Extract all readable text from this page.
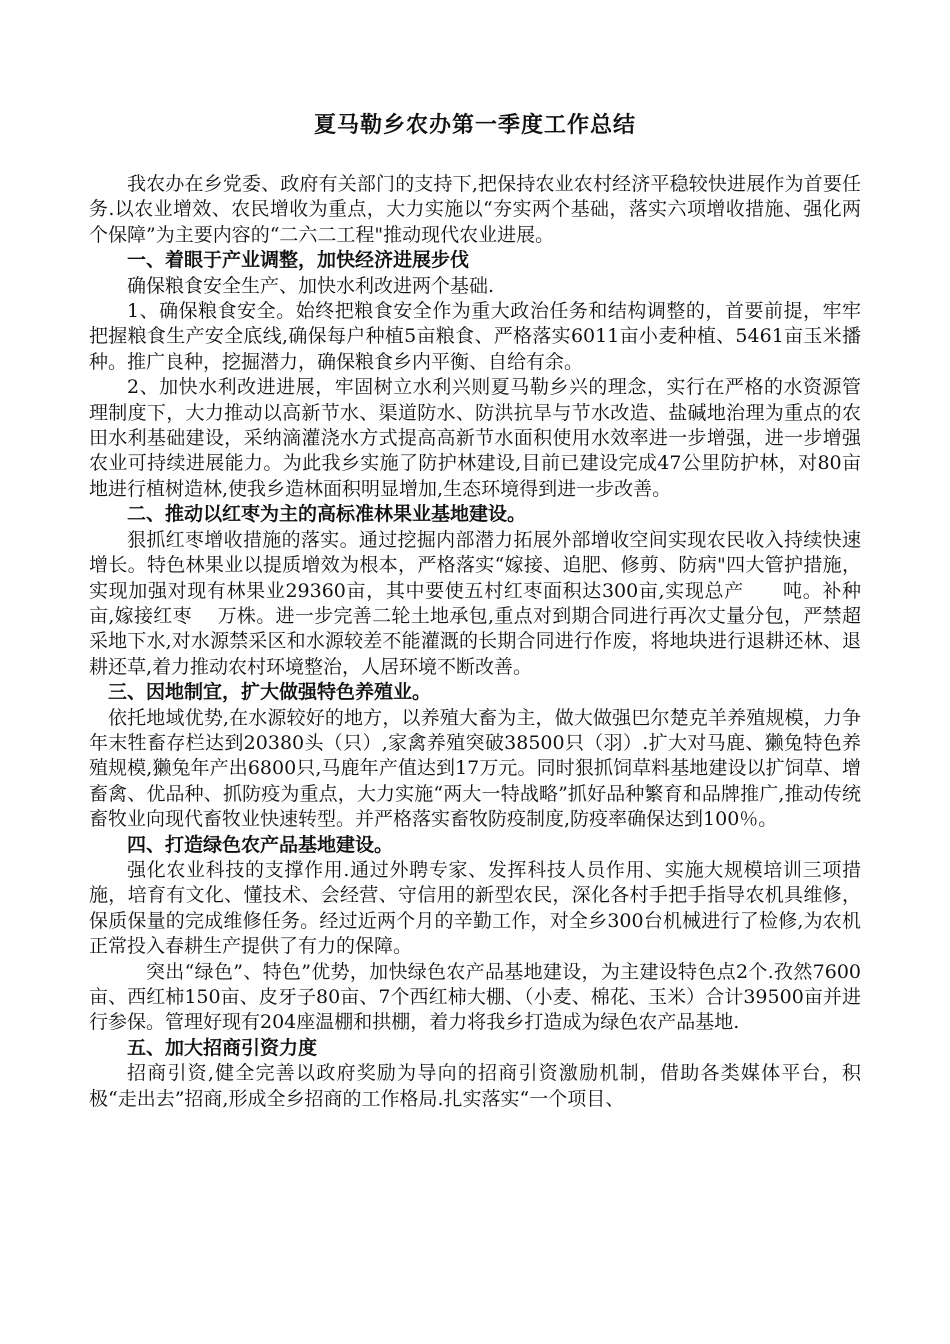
夏马勒乡农办第一季度工作总结

我农办在乡党委、政府有关部门的支持下,把保持农业农村经济平稳较快进展作为首要任务.以农业增效、农民增收为重点，大力实施以“夯实两个基础，落实六项增收措施、强化两个保障”为主要内容的“二六二工程"推动现代农业进展。

一、着眼于产业调整，加快经济进展步伐

确保粮食安全生产、加快水利改进两个基础.

1、确保粮食安全。始终把粮食安全作为重大政治任务和结构调整的，首要前提，牢牢把握粮食生产安全底线,确保每户种植5亩粮食、严格落实6011亩小麦种植、5461亩玉米播种。推广良种，挖掘潜力，确保粮食乡内平衡、自给有余。

2、加快水利改进进展，牢固树立水利兴则夏马勒乡兴的理念，实行在严格的水资源管理制度下，大力推动以高新节水、渠道防水、防洪抗旱与节水改造、盐碱地治理为重点的农田水利基础建设，采纳滴灌浇水方式提高高新节水面积使用水效率进一步增强，进一步增强农业可持续进展能力。为此我乡实施了防护林建设,目前已建设完成47公里防护林，对80亩地进行植树造林,使我乡造林面积明显增加,生态环境得到进一步改善。

二、推动以红枣为主的高标准林果业基地建设。

狠抓红枣增收措施的落实。通过挖掘内部潜力拓展外部增收空间实现农民收入持续快速增长。特色林果业以提质增效为根本，严格落实“嫁接、追肥、修剪、防病"四大管护措施，实现加强对现有林果业29360亩，其中要使五村红枣面积达300亩,实现总产　　吨。补种亩,嫁接红枣　 万株。进一步完善二轮土地承包,重点对到期合同进行再次丈量分包，严禁超采地下水,对水源禁采区和水源较差不能灌溉的长期合同进行作废，将地块进行退耕还林、退耕还草,着力推动农村环境整治，人居环境不断改善。

三、因地制宜，扩大做强特色养殖业。

依托地域优势,在水源较好的地方，以养殖大畜为主，做大做强巴尔楚克羊养殖规模，力争年末牲畜存栏达到20380头（只）,家禽养殖突破38500只（羽）.扩大对马鹿、獭兔特色养殖规模,獭兔年产出6800只,马鹿年产值达到17万元。同时狠抓饲草料基地建设以扩饲草、增畜禽、优品种、抓防疫为重点，大力实施“两大一特战略”抓好品种繁育和品牌推广,推动传统畜牧业向现代畜牧业快速转型。并严格落实畜牧防疫制度,防疫率确保达到100％。

四、打造绿色农产品基地建设。

强化农业科技的支撑作用.通过外聘专家、发挥科技人员作用、实施大规模培训三项措施，培育有文化、懂技术、会经营、守信用的新型农民，深化各村手把手指导农机具维修，保质保量的完成维修任务。经过近两个月的辛勤工作，对全乡300台机械进行了检修,为农机正常投入春耕生产提供了有力的保障。

突出“绿色”、特色”优势，加快绿色农产品基地建设，为主建设特色点2个.孜然7600亩、西红柿150亩、皮牙子80亩、7个西红柿大棚、（小麦、棉花、玉米）合计39500亩并进行参保。管理好现有204座温棚和拱棚，着力将我乡打造成为绿色农产品基地.

五、加大招商引资力度

招商引资,健全完善以政府奖励为导向的招商引资激励机制，借助各类媒体平台，积极“走出去”招商,形成全乡招商的工作格局.扎实落实“一个项目、
